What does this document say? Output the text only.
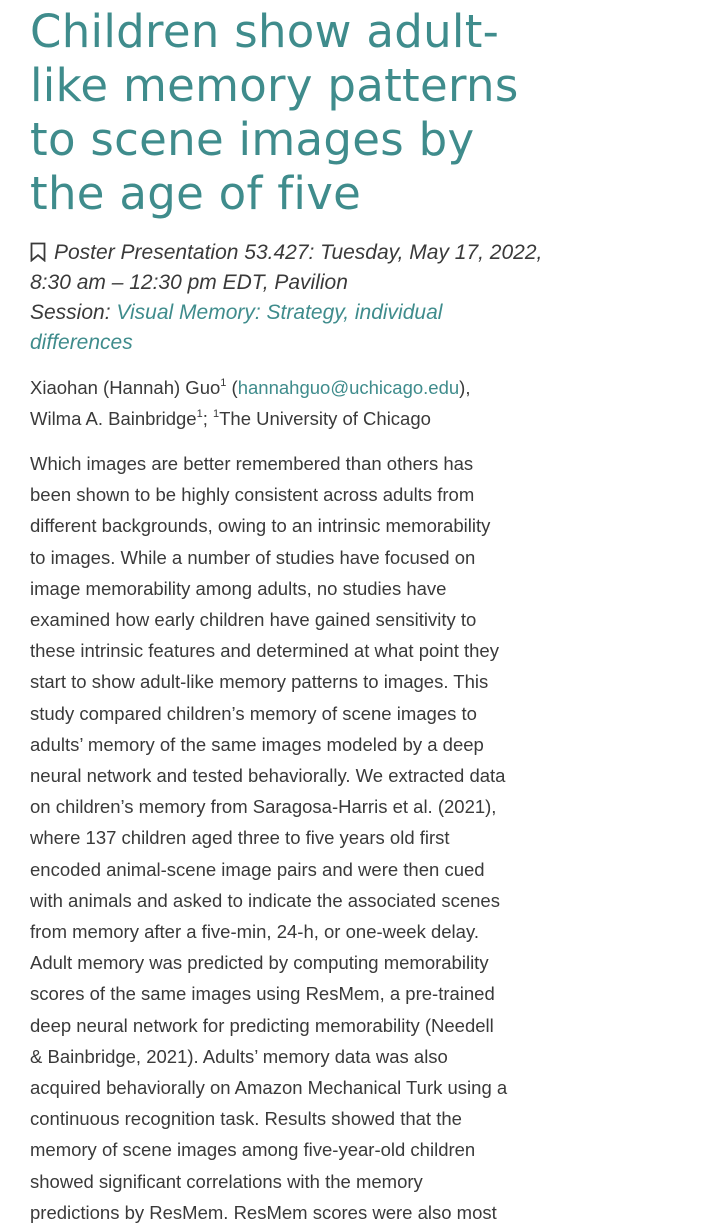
Children show adult-
like memory patterns
to scene images by
the age of five
Poster Presentation 53.427: Tuesday, May 17, 2022,
8:30 am – 12:30 pm EDT, Pavilion
Session: Visual Memory: Strategy, individual
differences
Xiaohan (Hannah) Guo$^1$ (hannahguo@uchicago.edu),
Wilma A. Bainbridge$^1$; $^1$The University of Chicago
Which images are better remembered than others has
been shown to be highly consistent across adults from
different backgrounds, owing to an intrinsic memorability
to images. While a number of studies have focused on
image memorability among adults, no studies have
examined how early children have gained sensitivity to
these intrinsic features and determined at what point they
start to show adult-like memory patterns to images. This
study compared children’s memory of scene images to
adults’ memory of the same images modeled by a deep
neural network and tested behaviorally. We extracted data
on children’s memory from Saragosa-Harris et al. (2021),
where 137 children aged three to five years old first
encoded animal-scene image pairs and were then cued
with animals and asked to indicate the associated scenes
from memory after a five-min, 24-h, or one-week delay.
Adult memory was predicted by computing memorability
scores of the same images using ResMem, a pre-trained
deep neural network for predicting memorability (Needell
& Bainbridge, 2021). Adults’ memory data was also
acquired behaviorally on Amazon Mechanical Turk using a
continuous recognition task. Results showed that the
memory of scene images among five-year-old children
showed significant correlations with the memory
predictions by ResMem. ResMem scores were also most
